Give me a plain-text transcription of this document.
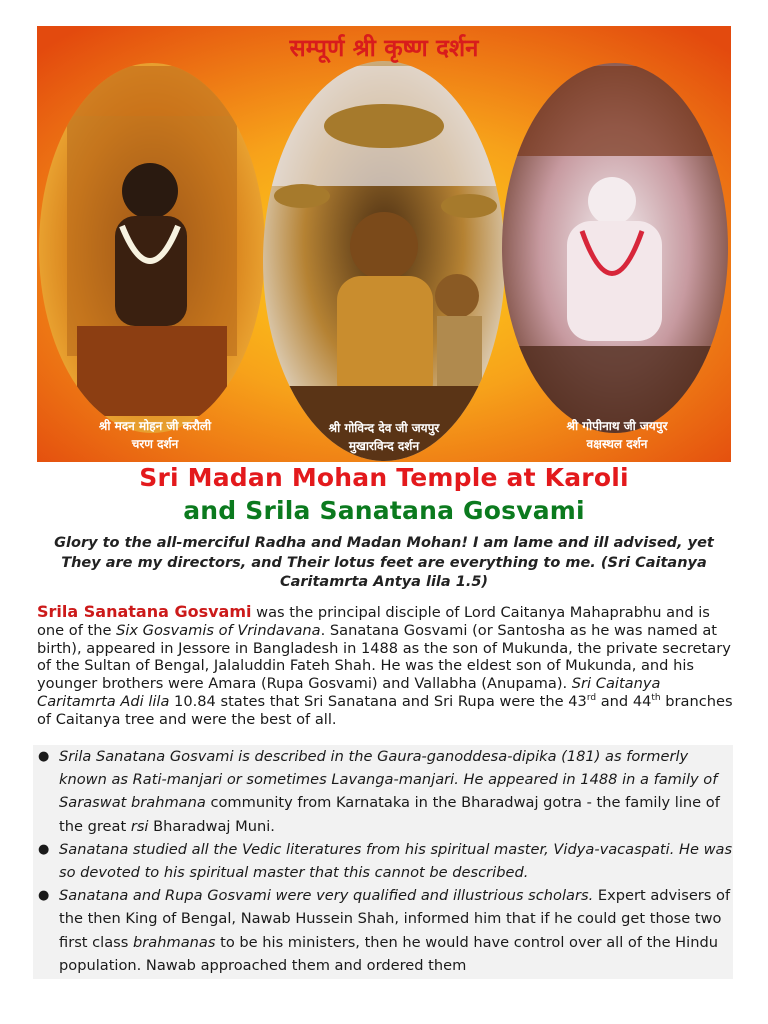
सम्पूर्ण श्री कृष्ण दर्शन
श्री मदन मोहन जी करौली
चरण दर्शन
श्री गोविन्द देव जी जयपुर
मुखारविन्द दर्शन
श्री गोपीनाथ जी जयपुर
वक्षस्थल दर्शन
Sri Madan Mohan Temple at Karoli
and Srila Sanatana Gosvami
Glory to the all-merciful Radha and Madan Mohan! I am lame and ill advised, yet They are my directors, and Their lotus feet are everything to me. (Sri Caitanya Caritamrta Antya lila 1.5)
Srila Sanatana Gosvami was the principal disciple of Lord Caitanya Mahaprabhu and is one of the Six Gosvamis of Vrindavana. Sanatana Gosvami (or Santosha as he was named at birth), appeared in Jessore in Bangladesh in 1488 as the son of Mukunda, the private secretary of the Sultan of Bengal, Jalaluddin Fateh Shah. He was the eldest son of Mukunda, and his younger brothers were Amara (Rupa Gosvami) and Vallabha (Anupama). Sri Caitanya Caritamrta Adi lila 10.84 states that Sri Sanatana and Sri Rupa were the 43rd and 44th branches of Caitanya tree and were the best of all.
● Srila Sanatana Gosvami is described in the Gaura-ganoddesa-dipika (181) as formerly known as Rati-manjari or sometimes Lavanga-manjari. He appeared in 1488 in a family of Saraswat brahmana community from Karnataka in the Bharadwaj gotra - the family line of the great rsi Bharadwaj Muni.
● Sanatana studied all the Vedic literatures from his spiritual master, Vidya-vacaspati. He was so devoted to his spiritual master that this cannot be described.
● Sanatana and Rupa Gosvami were very qualified and illustrious scholars. Expert advisers of the then King of Bengal, Nawab Hussein Shah, informed him that if he could get those two first class brahmanas to be his ministers, then he would have control over all of the Hindu population. Nawab approached them and ordered them
